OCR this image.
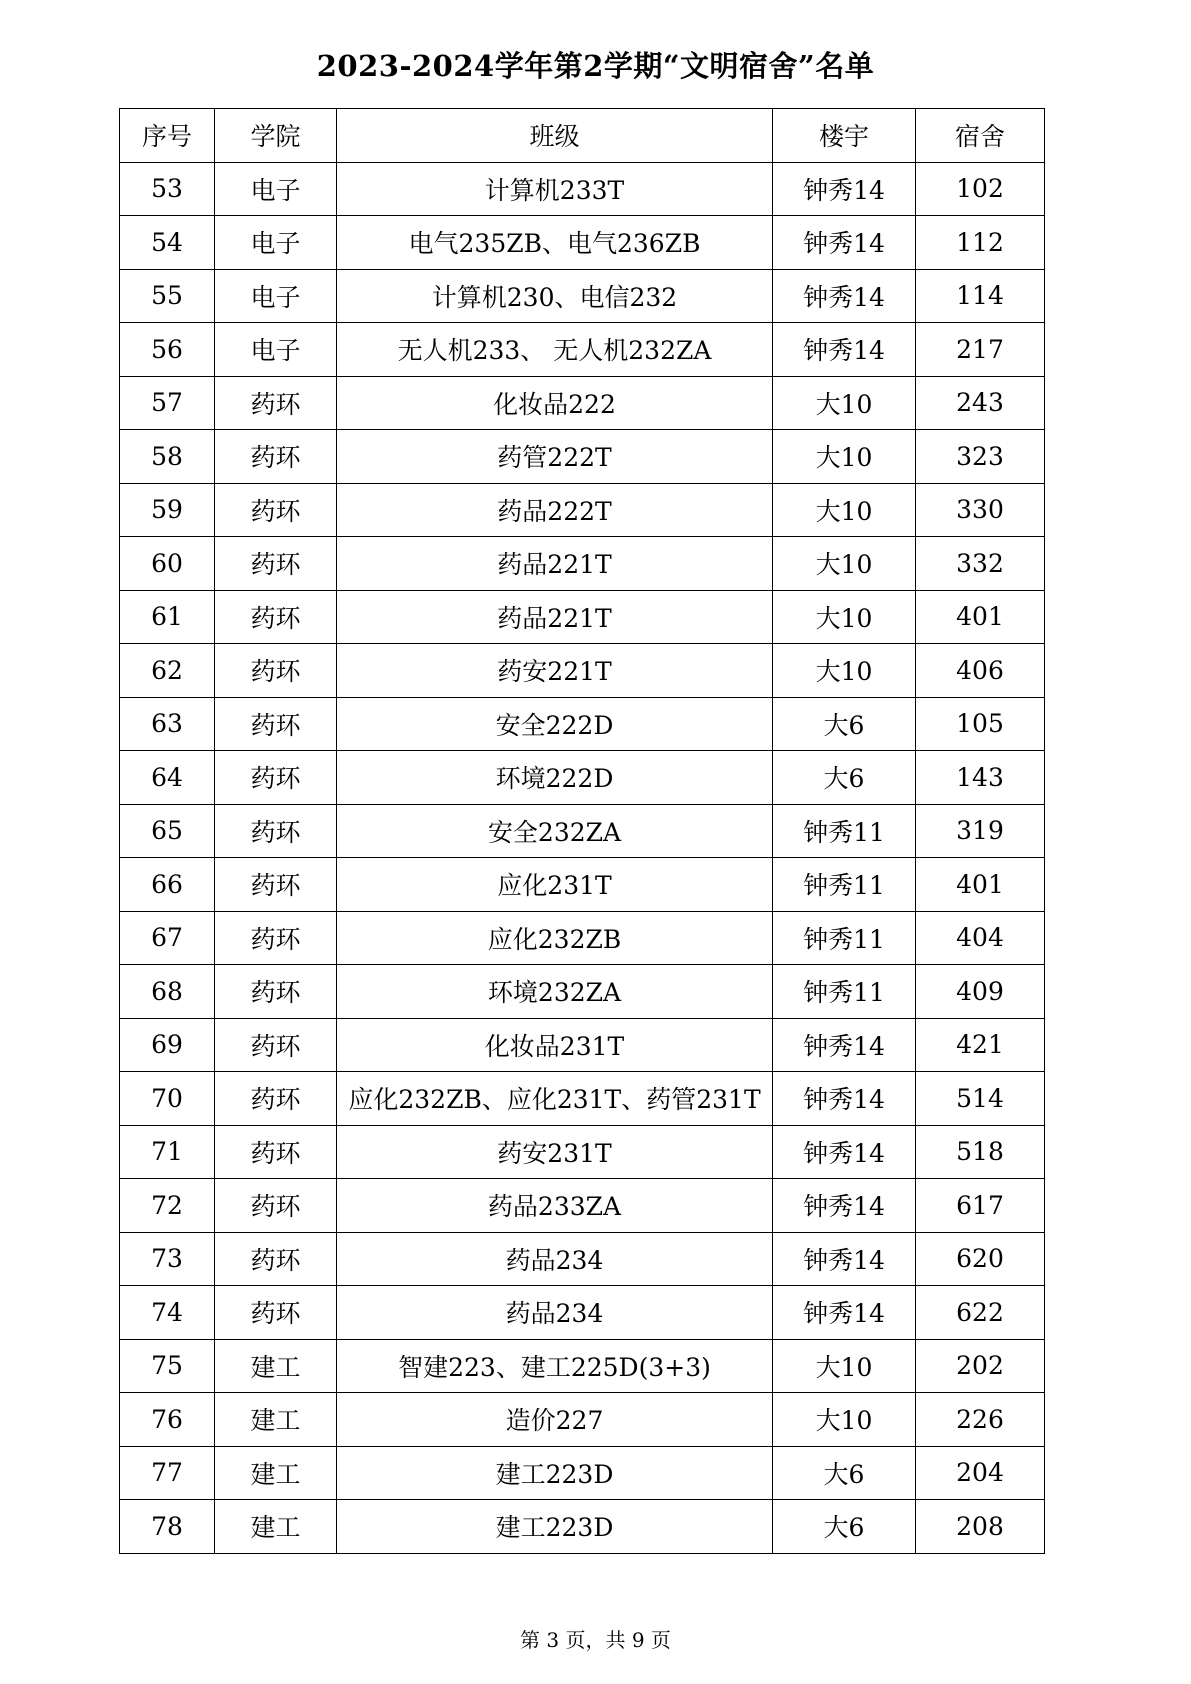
2023-2024学年第2学期“文明宿舍”名单
序号	学院	班级	楼宇	宿舍
53	电子	计算机233T	钟秀14	102
54	电子	电气235ZB、电气236ZB	钟秀14	112
55	电子	计算机230、电信232	钟秀14	114
56	电子	无人机233、 无人机232ZA	钟秀14	217
57	药环	化妆品222	大10	243
58	药环	药管222T	大10	323
59	药环	药品222T	大10	330
60	药环	药品221T	大10	332
61	药环	药品221T	大10	401
62	药环	药安221T	大10	406
63	药环	安全222D	大6	105
64	药环	环境222D	大6	143
65	药环	安全232ZA	钟秀11	319
66	药环	应化231T	钟秀11	401
67	药环	应化232ZB	钟秀11	404
68	药环	环境232ZA	钟秀11	409
69	药环	化妆品231T	钟秀14	421
70	药环	应化232ZB、应化231T、药管231T	钟秀14	514
71	药环	药安231T	钟秀14	518
72	药环	药品233ZA	钟秀14	617
73	药环	药品234	钟秀14	620
74	药环	药品234	钟秀14	622
75	建工	智建223、建工225D(3+3)	大10	202
76	建工	造价227	大10	226
77	建工	建工223D	大6	204
78	建工	建工223D	大6	208
第 3 页，共 9 页
